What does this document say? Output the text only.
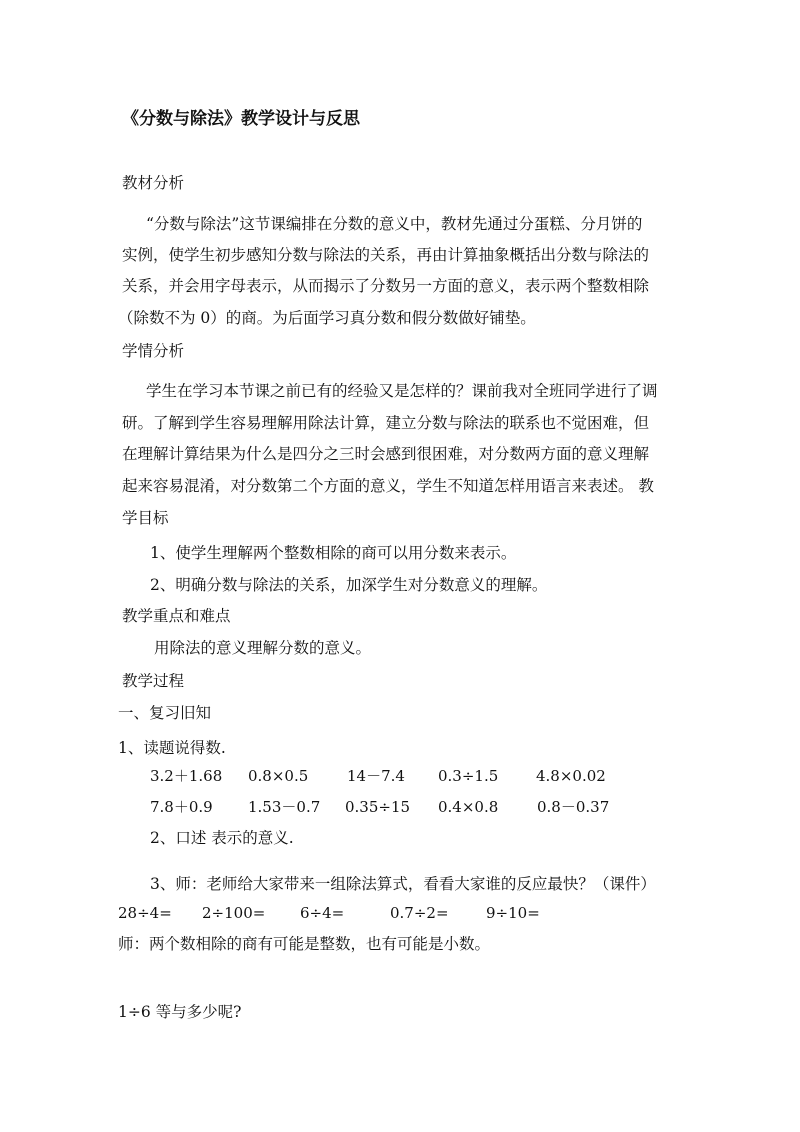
《分数与除法》教学设计与反思
教材分析
“分数与除法”这节课编排在分数的意义中，教材先通过分蛋糕、分月饼的
实例，使学生初步感知分数与除法的关系，再由计算抽象概括出分数与除法的
关系，并会用字母表示，从而揭示了分数另一方面的意义，表示两个整数相除
（除数不为 0）的商。为后面学习真分数和假分数做好铺垫。
学情分析
学生在学习本节课之前已有的经验又是怎样的？课前我对全班同学进行了调
研。了解到学生容易理解用除法计算，建立分数与除法的联系也不觉困难，但
在理解计算结果为什么是四分之三时会感到很困难，对分数两方面的意义理解
起来容易混淆，对分数第二个方面的意义，学生不知道怎样用语言来表述。 教
学目标
1、使学生理解两个整数相除的商可以用分数来表示。
2、明确分数与除法的关系，加深学生对分数意义的理解。
教学重点和难点
用除法的意义理解分数的意义。
教学过程
一、复习旧知
1、读题说得数.
3.2＋1.68 0.8×0.5	14－7.4 0.3÷1.5	4.8×0.02
7.8＋0.9 1.53－0.7 0.35÷15 0.4×0.8	0.8－0.37
2、口述 表示的意义.
3、师：老师给大家带来一组除法算式，看看大家谁的反应最快？（课件）
28÷4= 2÷100= 6÷4=	0.7÷2= 9÷10=
师：两个数相除的商有可能是整数，也有可能是小数。
1÷6 等与多少呢?
